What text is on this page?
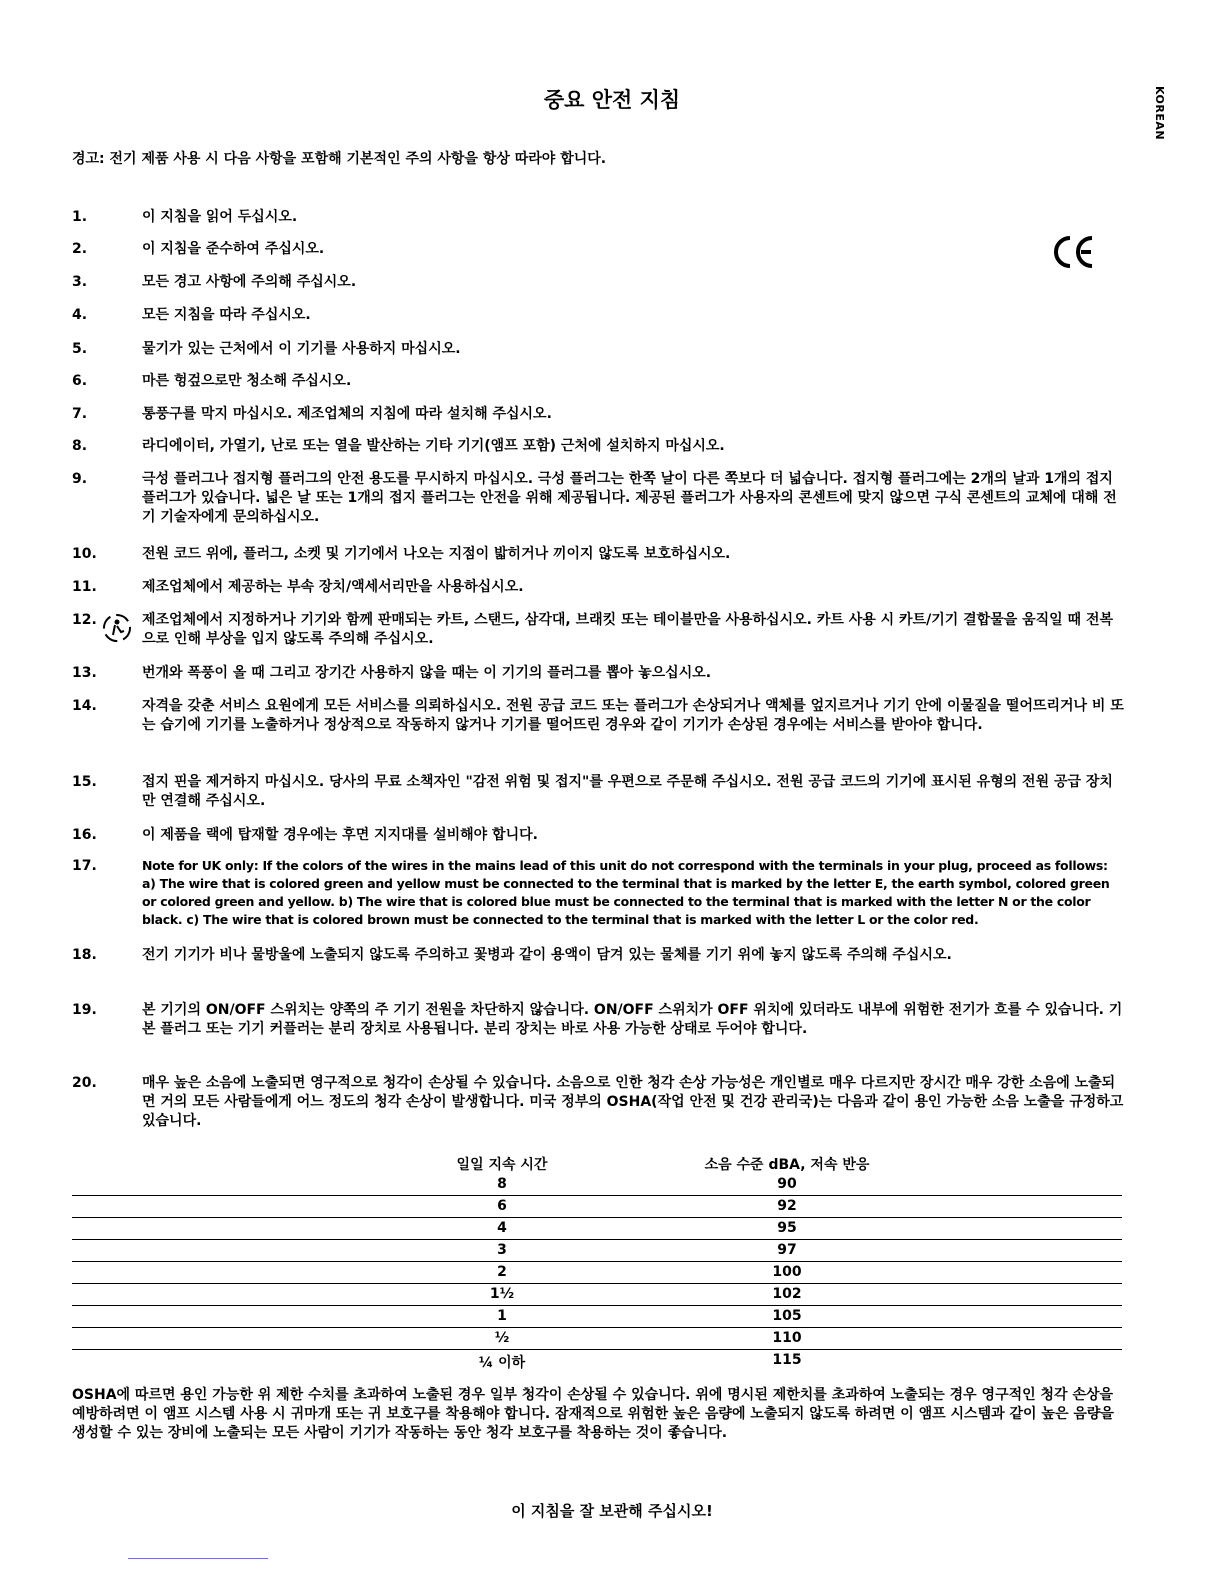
중요 안전 지침	KOREAN
경고: 전기 제품 사용 시 다음 사항을 포함해 기본적인 주의 사항을 항상 따라야 합니다.
1.	이 지침을 읽어 두십시오.
2.	이 지침을 준수하여 주십시오.
3.	모든 경고 사항에 주의해 주십시오.
4.	모든 지침을 따라 주십시오.
5.	물기가 있는 근처에서 이 기기를 사용하지 마십시오.
6.	마른 헝겊으로만 청소해 주십시오.
7.	통풍구를 막지 마십시오. 제조업체의 지침에 따라 설치해 주십시오.
8.	라디에이터, 가열기, 난로 또는 열을 발산하는 기타 기기(앰프 포함) 근처에 설치하지 마십시오.
9.	극성 플러그나 접지형 플러그의 안전 용도를 무시하지 마십시오. 극성 플러그는 한쪽 날이 다른 쪽보다 더 넓습니다. 접지형 플러그에는 2개의 날과 1개의 접지 플러그가 있습니다. 넓은 날 또는 1개의 접지 플러그는 안전을 위해 제공됩니다. 제공된 플러그가 사용자의 콘센트에 맞지 않으면 구식 콘센트의 교체에 대해 전기 기술자에게 문의하십시오.
10.	전원 코드 위에, 플러그, 소켓 및 기기에서 나오는 지점이 밟히거나 끼이지 않도록 보호하십시오.
11.	제조업체에서 제공하는 부속 장치/액세서리만을 사용하십시오.
12.	제조업체에서 지정하거나 기기와 함께 판매되는 카트, 스탠드, 삼각대, 브래킷 또는 테이블만을 사용하십시오. 카트 사용 시 카트/기기 결합물을 움직일 때 전복으로 인해 부상을 입지 않도록 주의해 주십시오.
13.	번개와 폭풍이 올 때 그리고 장기간 사용하지 않을 때는 이 기기의 플러그를 뽑아 놓으십시오.
14.	자격을 갖춘 서비스 요원에게 모든 서비스를 의뢰하십시오. 전원 공급 코드 또는 플러그가 손상되거나 액체를 엎지르거나 기기 안에 이물질을 떨어뜨리거나 비 또는 습기에 기기를 노출하거나 정상적으로 작동하지 않거나 기기를 떨어뜨린 경우와 같이 기기가 손상된 경우에는 서비스를 받아야 합니다.
15.	접지 핀을 제거하지 마십시오. 당사의 무료 소책자인 "감전 위험 및 접지"를 우편으로 주문해 주십시오. 전원 공급 코드의 기기에 표시된 유형의 전원 공급 장치만 연결해 주십시오.
16.	이 제품을 랙에 탑재할 경우에는 후면 지지대를 설비해야 합니다.
17.	Note for UK only: If the colors of the wires in the mains lead of this unit do not correspond with the terminals in your plug, proceed as follows: a) The wire that is colored green and yellow must be connected to the terminal that is marked by the letter E, the earth symbol, colored green or colored green and yellow. b) The wire that is colored blue must be connected to the terminal that is marked with the letter N or the color black. c) The wire that is colored brown must be connected to the terminal that is marked with the letter L or the color red.
18.	전기 기기가 비나 물방울에 노출되지 않도록 주의하고 꽃병과 같이 용액이 담겨 있는 물체를 기기 위에 놓지 않도록 주의해 주십시오.
19.	본 기기의 ON/OFF 스위치는 양쪽의 주 기기 전원을 차단하지 않습니다. ON/OFF 스위치가 OFF 위치에 있더라도 내부에 위험한 전기가 흐를 수 있습니다. 기본 플러그 또는 기기 커플러는 분리 장치로 사용됩니다. 분리 장치는 바로 사용 가능한 상태로 두어야 합니다.
20.	매우 높은 소음에 노출되면 영구적으로 청각이 손상될 수 있습니다. 소음으로 인한 청각 손상 가능성은 개인별로 매우 다르지만 장시간 매우 강한 소음에 노출되면 거의 모든 사람들에게 어느 정도의 청각 손상이 발생합니다. 미국 정부의 OSHA(작업 안전 및 건강 관리국)는 다음과 같이 용인 가능한 소음 노출을 규정하고 있습니다.
일일 지속 시간	소음 수준 dBA, 저속 반응
8	90
6	92
4	95
3	97
2	100
1½	102
1	105
½	110
¼ 이하	115
OSHA에 따르면 용인 가능한 위 제한 수치를 초과하여 노출된 경우 일부 청각이 손상될 수 있습니다. 위에 명시된 제한치를 초과하여 노출되는 경우 영구적인 청각 손상을 예방하려면 이 앰프 시스템 사용 시 귀마개 또는 귀 보호구를 착용해야 합니다. 잠재적으로 위험한 높은 음량에 노출되지 않도록 하려면 이 앰프 시스템과 같이 높은 음량을 생성할 수 있는 장비에 노출되는 모든 사람이 기기가 작동하는 동안 청각 보호구를 착용하는 것이 좋습니다.
이 지침을 잘 보관해 주십시오!
